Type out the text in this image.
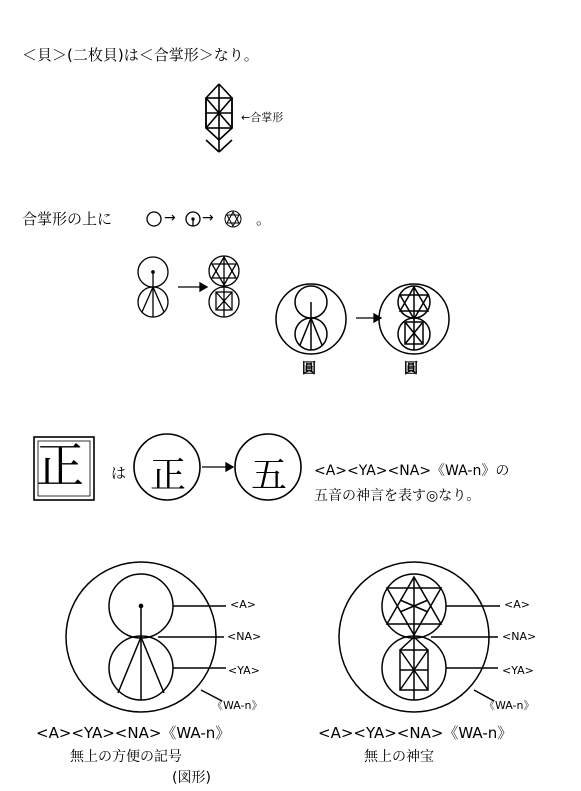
＜貝＞(二枚貝)は＜合掌形＞なり。
←合掌形
合掌形の上に	→ →	。
圓	圓
正 は 正 五 <A><YA><NA>《WA-n》の
五音の神言を表す◎なり。
<A>
<NA>
<YA>
《WA-n》
<A>
<NA>
<YA>
《WA-n》
<A><YA><NA>《WA-n》
無上の方便の記号
(図形)
<A><YA><NA>《WA-n》
無上の神宝
